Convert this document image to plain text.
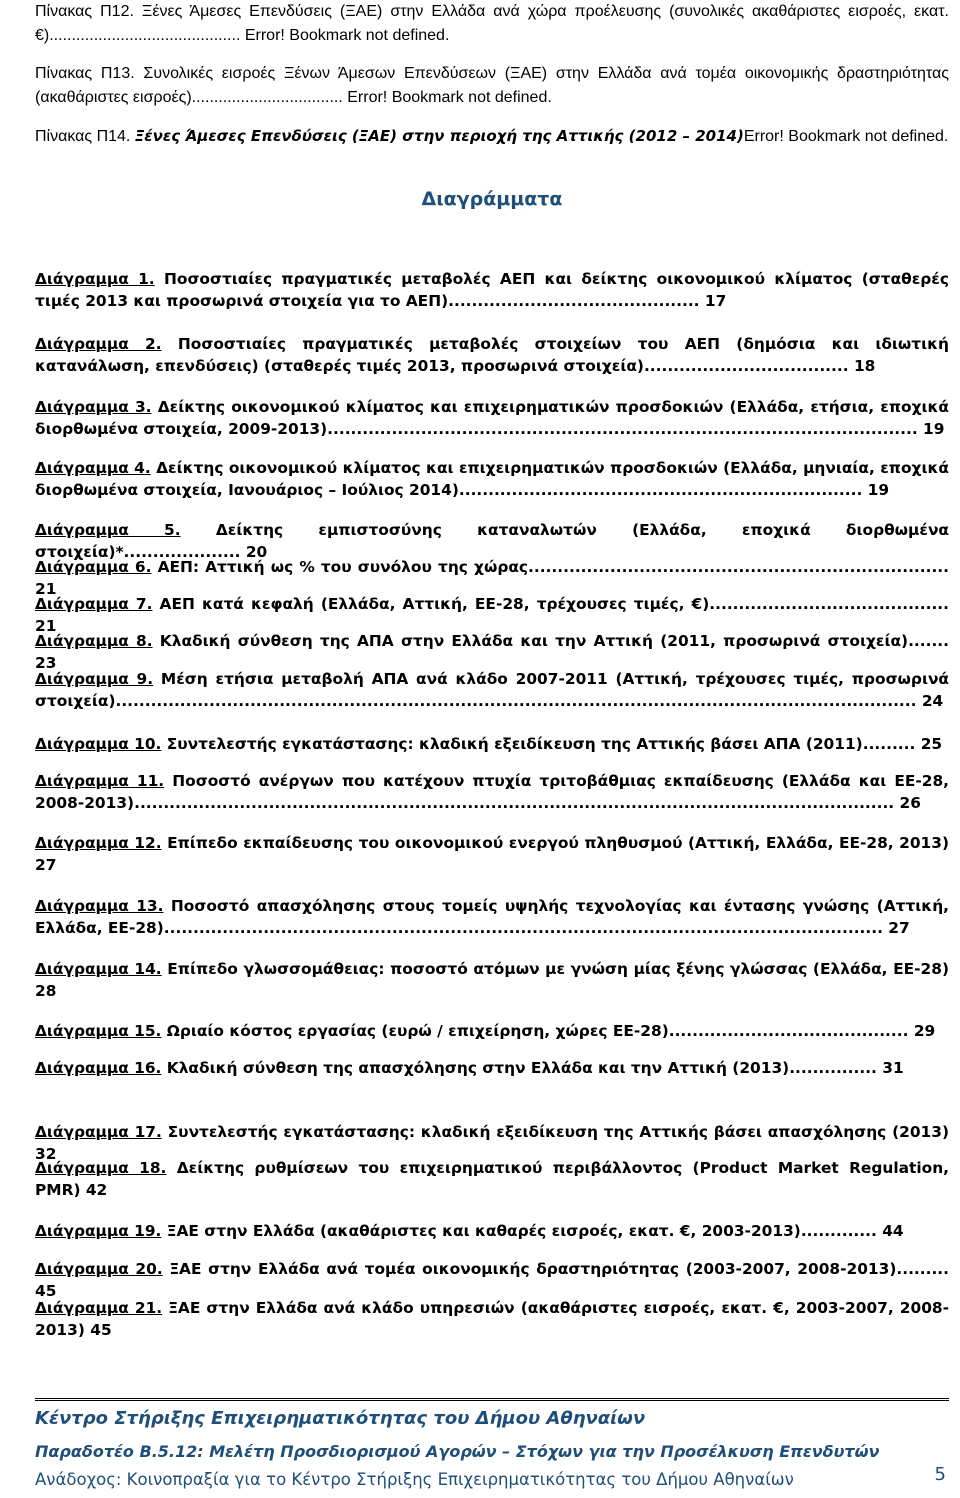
Πίνακας Π12. Ξένες Άμεσες Επενδύσεις (ΞΑΕ) στην Ελλάδα ανά χώρα προέλευσης (συνολικές ακαθάριστες εισροές, εκατ. €)........................................... Error! Bookmark not defined.

Πίνακας Π13. Συνολικές εισροές Ξένων Άμεσων Επενδύσεων (ΞΑΕ) στην Ελλάδα ανά τομέα οικονομικής δραστηριότητας (ακαθάριστες εισροές).................................. Error! Bookmark not defined.

Πίνακας Π14. Ξένες Άμεσες Επενδύσεις (ΞΑΕ) στην περιοχή της Αττικής (2012 – 2014)Error! Bookmark not defined.

Διαγράμματα

Διάγραμμα 1. Ποσοστιαίες πραγματικές μεταβολές ΑΕΠ και δείκτης οικονομικού κλίματος (σταθερές τιμές 2013 και προσωρινά στοιχεία για το ΑΕΠ)........................................... 17

Διάγραμμα 2. Ποσοστιαίες πραγματικές μεταβολές στοιχείων του ΑΕΠ (δημόσια και ιδιωτική κατανάλωση, επενδύσεις) (σταθερές τιμές 2013, προσωρινά στοιχεία)................................... 18

Διάγραμμα 3. Δείκτης οικονομικού κλίματος και επιχειρηματικών προσδοκιών (Ελλάδα, ετήσια, εποχικά διορθωμένα στοιχεία, 2009-2013)..................................................................................................... 19

Διάγραμμα 4. Δείκτης οικονομικού κλίματος και επιχειρηματικών προσδοκιών (Ελλάδα, μηνιαία, εποχικά διορθωμένα στοιχεία, Ιανουάριος – Ιούλιος 2014)..................................................................... 19

Διάγραμμα 5. Δείκτης εμπιστοσύνης καταναλωτών (Ελλάδα, εποχικά διορθωμένα στοιχεία)*.................... 20

Διάγραμμα 6. ΑΕΠ: Αττική ως % του συνόλου της χώρας........................................................................ 21

Διάγραμμα 7. ΑΕΠ κατά κεφαλή (Ελλάδα, Αττική, ΕΕ-28, τρέχουσες τιμές, €)......................................... 21

Διάγραμμα 8. Κλαδική σύνθεση της ΑΠΑ στην Ελλάδα και την Αττική (2011, προσωρινά στοιχεία)....... 23

Διάγραμμα 9. Μέση ετήσια μεταβολή ΑΠΑ ανά κλάδο 2007-2011 (Αττική, τρέχουσες τιμές, προσωρινά στοιχεία)......................................................................................................................................... 24

Διάγραμμα 10. Συντελεστής εγκατάστασης: κλαδική εξειδίκευση της Αττικής βάσει ΑΠΑ (2011)......... 25

Διάγραμμα 11. Ποσοστό ανέργων που κατέχουν πτυχία τριτοβάθμιας εκπαίδευσης (Ελλάδα και ΕΕ-28, 2008-2013).................................................................................................................................. 26

Διάγραμμα 12. Επίπεδο εκπαίδευσης του οικονομικού ενεργού πληθυσμού (Αττική, Ελλάδα, ΕΕ-28, 2013) 27

Διάγραμμα 13. Ποσοστό απασχόλησης στους τομείς υψηλής τεχνολογίας και έντασης γνώσης (Αττική, Ελλάδα, ΕΕ-28)........................................................................................................................... 27

Διάγραμμα 14. Επίπεδο γλωσσομάθειας: ποσοστό ατόμων με γνώση μίας ξένης γλώσσας (Ελλάδα, ΕΕ-28) 28

Διάγραμμα 15. Ωριαίο κόστος εργασίας (ευρώ / επιχείρηση, χώρες ΕΕ-28)......................................... 29

Διάγραμμα 16. Κλαδική σύνθεση της απασχόλησης στην Ελλάδα και την Αττική (2013)............... 31

Διάγραμμα 17. Συντελεστής εγκατάστασης: κλαδική εξειδίκευση της Αττικής βάσει απασχόλησης (2013) 32

Διάγραμμα 18. Δείκτης ρυθμίσεων του επιχειρηματικού περιβάλλοντος (Product Market Regulation, PMR) 42

Διάγραμμα 19. ΞΑΕ στην Ελλάδα (ακαθάριστες και καθαρές εισροές, εκατ. €, 2003-2013)............. 44

Διάγραμμα 20. ΞΑΕ στην Ελλάδα ανά τομέα οικονομικής δραστηριότητας (2003-2007, 2008-2013)......... 45

Διάγραμμα 21. ΞΑΕ στην Ελλάδα ανά κλάδο υπηρεσιών (ακαθάριστες εισροές, εκατ. €, 2003-2007, 2008-2013) 45

Κέντρο Στήριξης Επιχειρηματικότητας του Δήμου Αθηναίων
Παραδοτέο Β.5.12: Μελέτη Προσδιορισμού Αγορών – Στόχων για την Προσέλκυση Επενδυτών
Ανάδοχος: Κοινοπραξία για το Κέντρο Στήριξης Επιχειρηματικότητας του Δήμου Αθηναίων	5
